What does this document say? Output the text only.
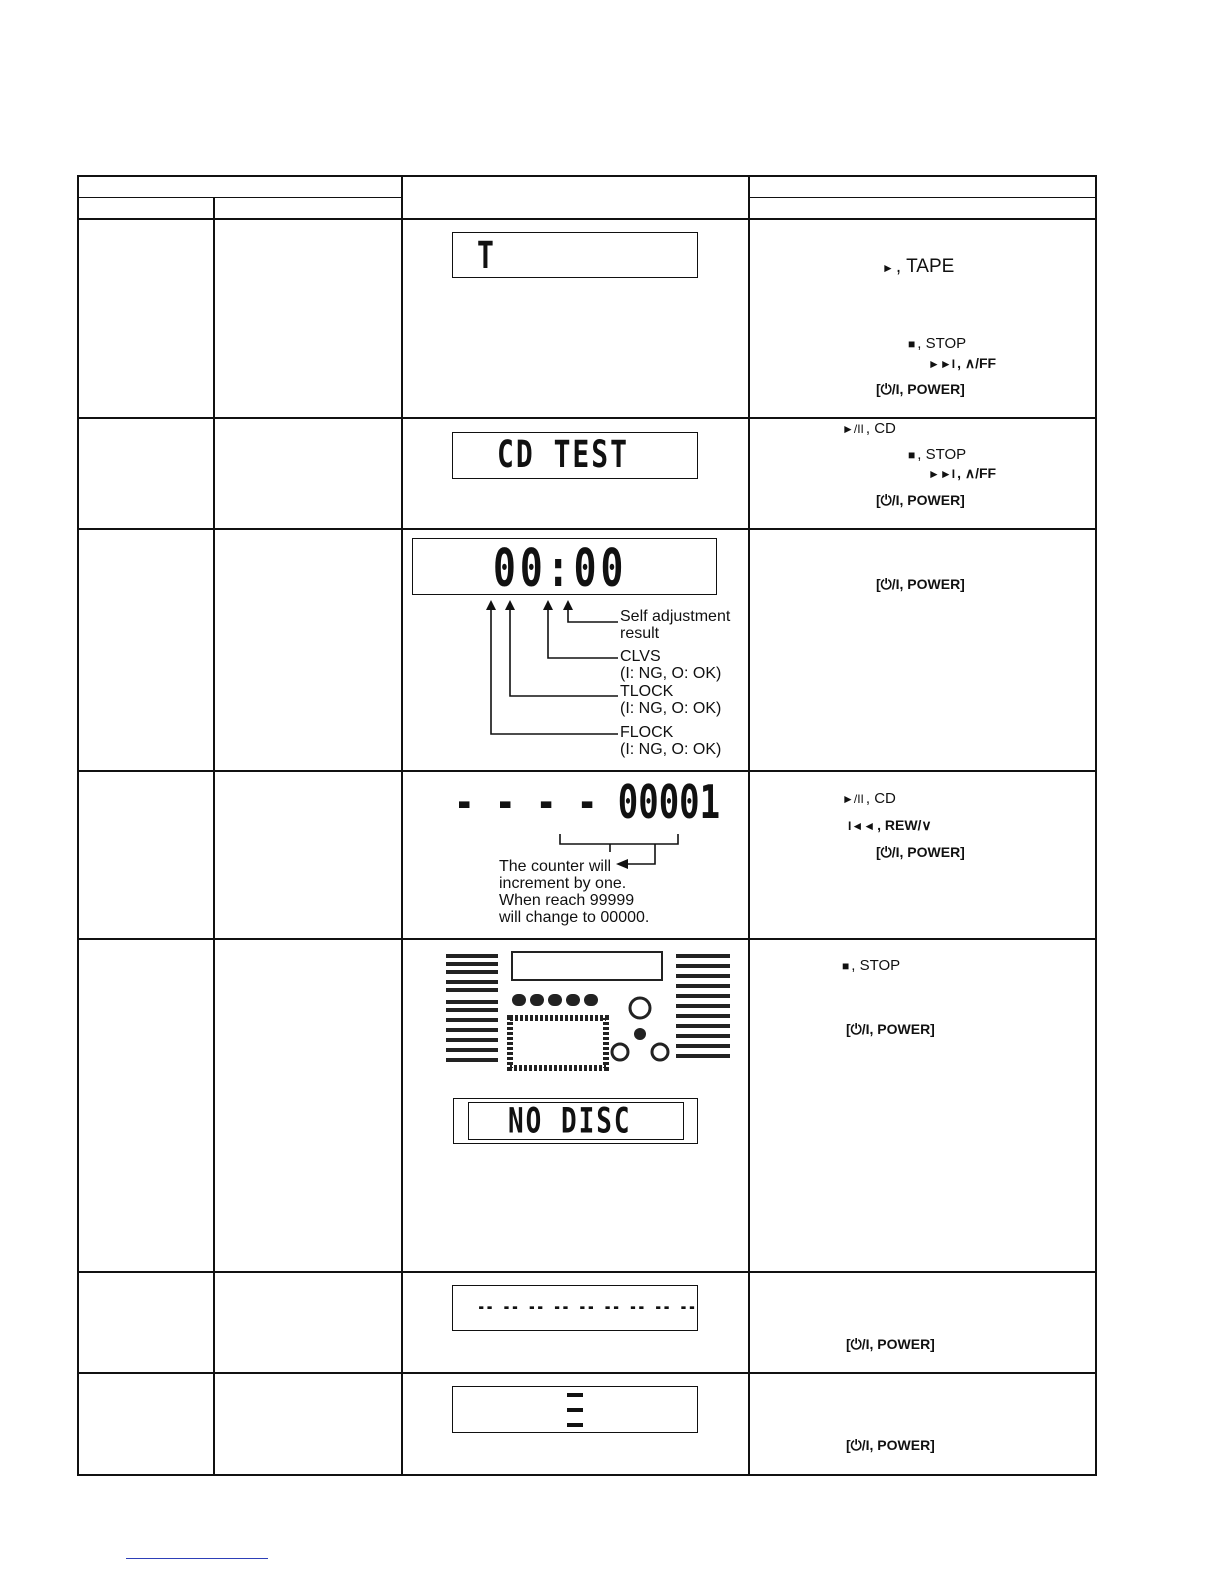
T	► , TAPE
■ , STOP
►►I , ∧/FF
[⏻/I, POWER]
CD TEST
►/II , CD
■ , STOP
►►I , ∧/FF
[⏻/I, POWER]
00:00
Self adjustment
result
CLVS
(I: NG, O: OK)
TLOCK
(I: NG, O: OK)
FLOCK
(I: NG, O: OK)
[⏻/I, POWER]
- - - - 00001
The counter will
increment by one.
When reach 99999
will change to 00000.
►/II , CD
I◄◄ , REW/∨
[⏻/I, POWER]
NO DISC
■ , STOP
[⏻/I, POWER]
-- -- -- -- -- -- -- -- --
[⏻/I, POWER]
[⏻/I, POWER]
